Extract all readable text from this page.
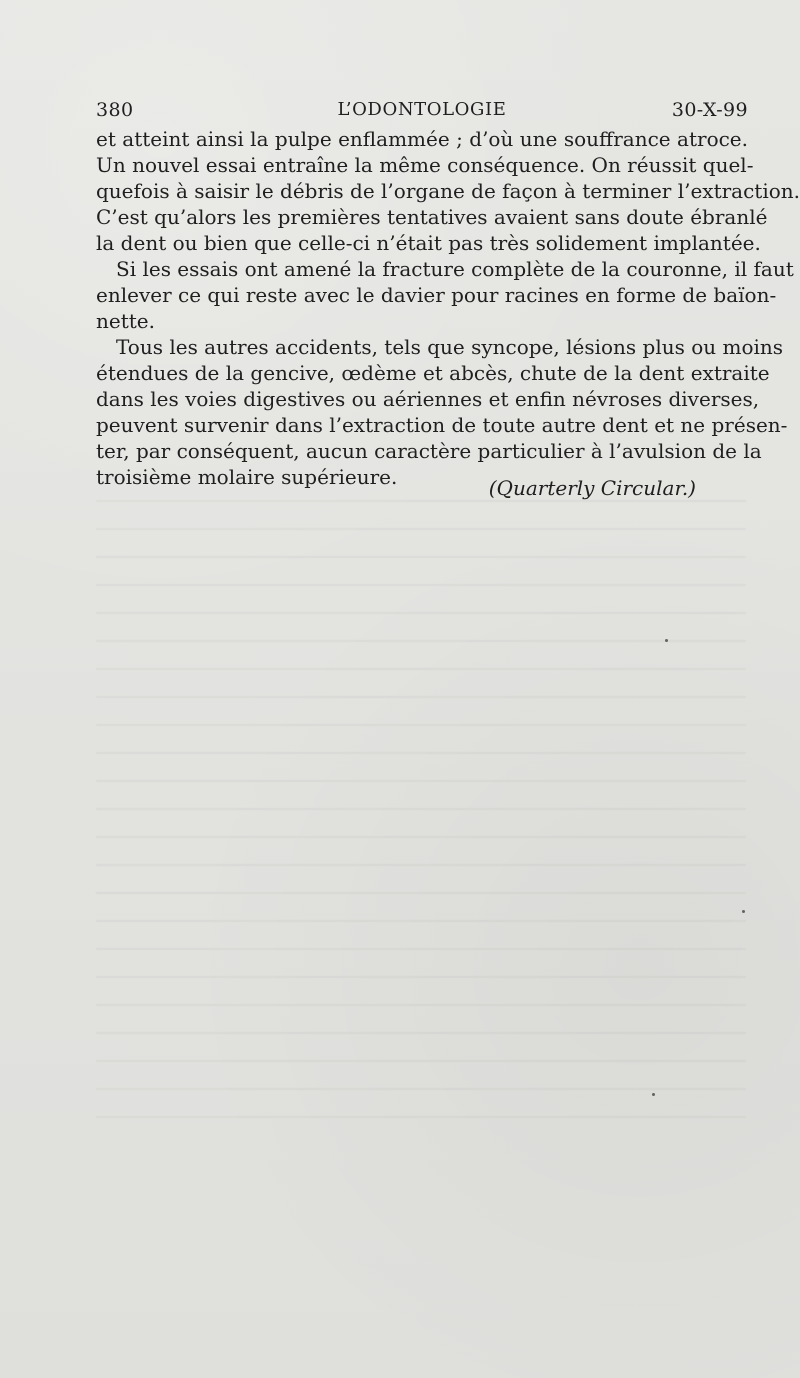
380	L’ODONTOLOGIE	30-X-99
et atteint ainsi la pulpe enflammée ; d’où une souffrance atroce.
Un nouvel essai entraîne la même conséquence. On réussit quel-
quefois à saisir le débris de l’organe de façon à terminer l’extraction.
C’est qu’alors les premières tentatives avaient sans doute ébranlé
la dent ou bien que celle-ci n’était pas très solidement implantée.
Si les essais ont amené la fracture complète de la couronne, il faut
enlever ce qui reste avec le davier pour racines en forme de baïon-
nette.
Tous les autres accidents, tels que syncope, lésions plus ou moins
étendues de la gencive, œdème et abcès, chute de la dent extraite
dans les voies digestives ou aériennes et enfin névroses diverses,
peuvent survenir dans l’extraction de toute autre dent et ne présen-
ter, par conséquent, aucun caractère particulier à l’avulsion de la
troisième molaire supérieure.	(Quarterly Circular.)
